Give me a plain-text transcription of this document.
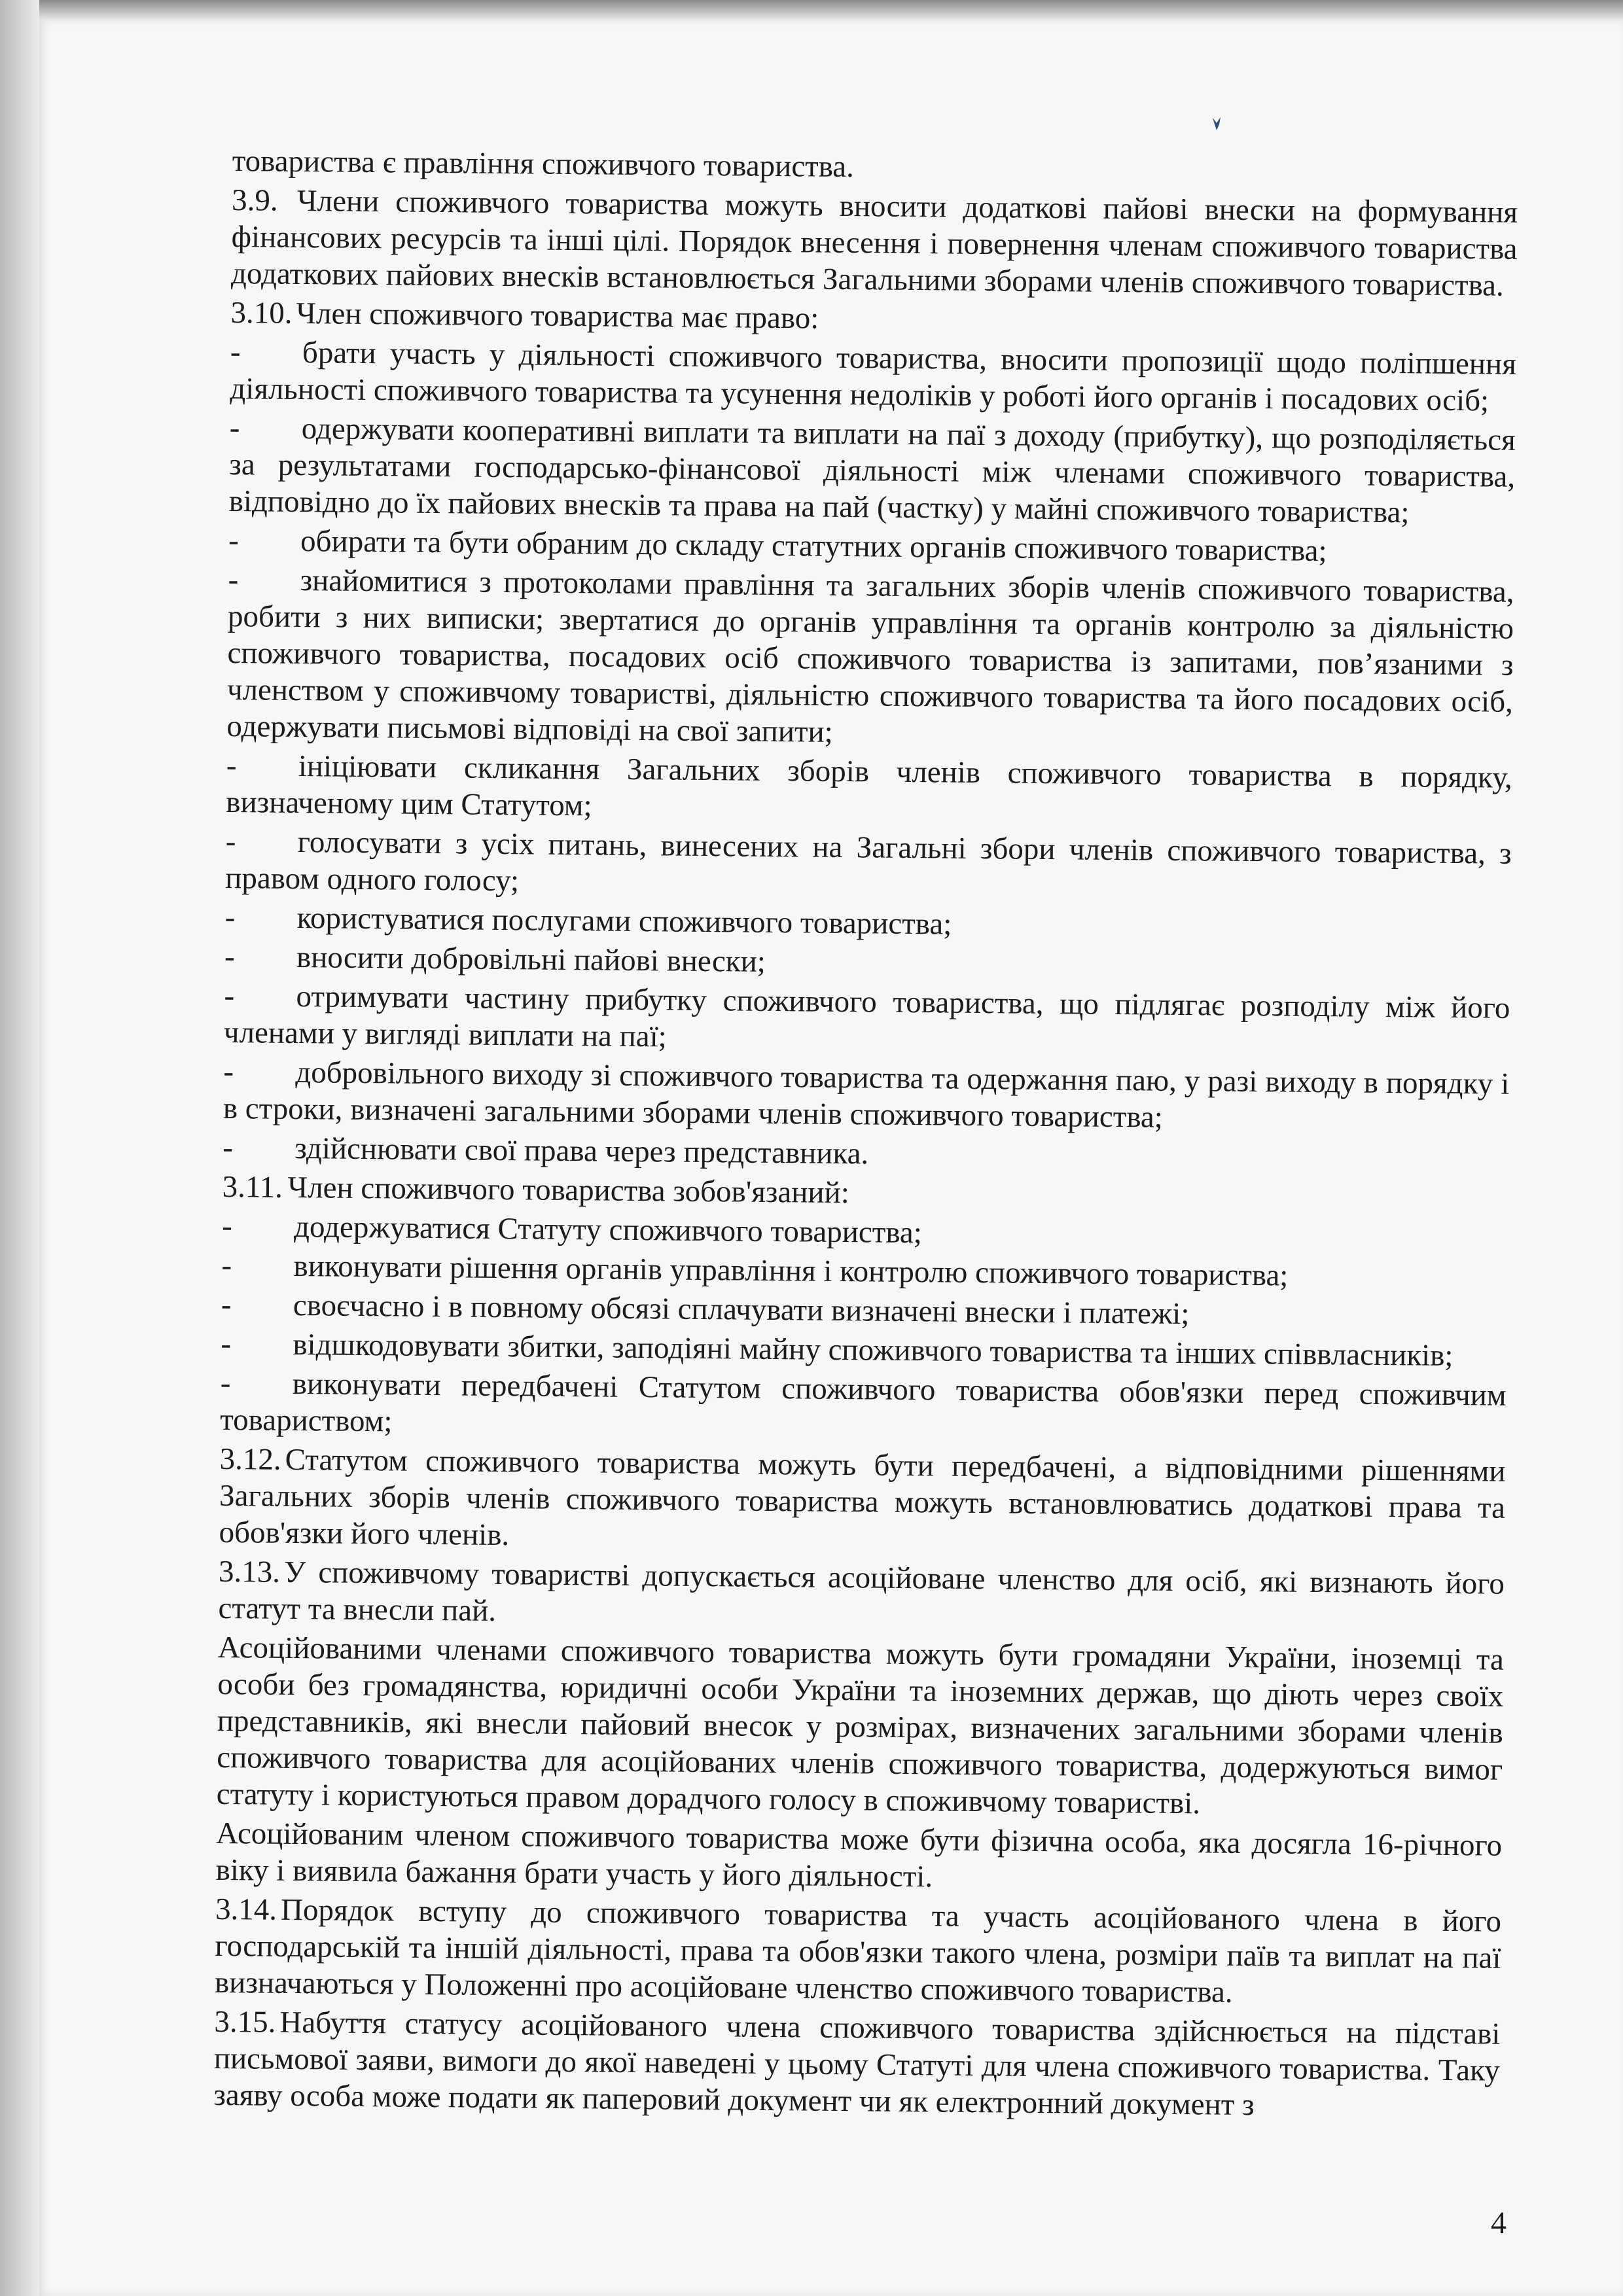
товариства є правління споживчого товариства.

3.9. Члени споживчого товариства можуть вносити додаткові пайові внески на формування фінансових ресурсів та інші цілі. Порядок внесення і повернення членам споживчого товариства додаткових пайових внесків встановлюється Загальними зборами членів споживчого товариства.

3.10. Член споживчого товариства має право:

- брати участь у діяльності споживчого товариства, вносити пропозиції щодо поліпшення діяльності споживчого товариства та усунення недоліків у роботі його органів і посадових осіб;

- одержувати кооперативні виплати та виплати на паї з доходу (прибутку), що розподіляється за результатами господарсько-фінансової діяльності між членами споживчого товариства, відповідно до їх пайових внесків та права на пай (частку) у майні споживчого товариства;

- обирати та бути обраним до складу статутних органів споживчого товариства;

- знайомитися з протоколами правління та загальних зборів членів споживчого товариства, робити з них виписки; звертатися до органів управління та органів контролю за діяльністю споживчого товариства, посадових осіб споживчого товариства із запитами, пов’язаними з членством у споживчому товаристві, діяльністю споживчого товариства та його посадових осіб, одержувати письмові відповіді на свої запити;

- ініціювати скликання Загальних зборів членів споживчого товариства в порядку, визначеному цим Статутом;

- голосувати з усіх питань, винесених на Загальні збори членів споживчого товариства, з правом одного голосу;

- користуватися послугами споживчого товариства;

- вносити добровільні пайові внески;

- отримувати частину прибутку споживчого товариства, що підлягає розподілу між його членами у вигляді виплати на паї;

- добровільного виходу зі споживчого товариства та одержання паю, у разі виходу в порядку і в строки, визначені загальними зборами членів споживчого товариства;

- здійснювати свої права через представника.

3.11. Член споживчого товариства зобов'язаний:

- додержуватися Статуту споживчого товариства;

- виконувати рішення органів управління і контролю споживчого товариства;

- своєчасно і в повному обсязі сплачувати визначені внески і платежі;

- відшкодовувати збитки, заподіяні майну споживчого товариства та інших співвласників;

- виконувати передбачені Статутом споживчого товариства обов'язки перед споживчим товариством;

3.12. Статутом споживчого товариства можуть бути передбачені, а відповідними рішеннями Загальних зборів членів споживчого товариства можуть встановлюватись додаткові права та обов'язки його членів.

3.13. У споживчому товаристві допускається асоційоване членство для осіб, які визнають його статут та внесли пай.

Асоційованими членами споживчого товариства можуть бути громадяни України, іноземці та особи без громадянства, юридичні особи України та іноземних держав, що діють через своїх представників, які внесли пайовий внесок у розмірах, визначених загальними зборами членів споживчого товариства для асоційованих членів споживчого товариства, додержуються вимог статуту і користуються правом дорадчого голосу в споживчому товаристві.

Асоційованим членом споживчого товариства може бути фізична особа, яка досягла 16-річного віку і виявила бажання брати участь у його діяльності.

3.14. Порядок вступу до споживчого товариства та участь асоційованого члена в його господарській та іншій діяльності, права та обов'язки такого члена, розміри паїв та виплат на паї визначаються у Положенні про асоційоване членство споживчого товариства.

3.15. Набуття статусу асоційованого члена споживчого товариства здійснюється на підставі письмової заяви, вимоги до якої наведені у цьому Статуті для члена споживчого товариства. Таку заяву особа може подати як паперовий документ чи як електронний документ з

4
